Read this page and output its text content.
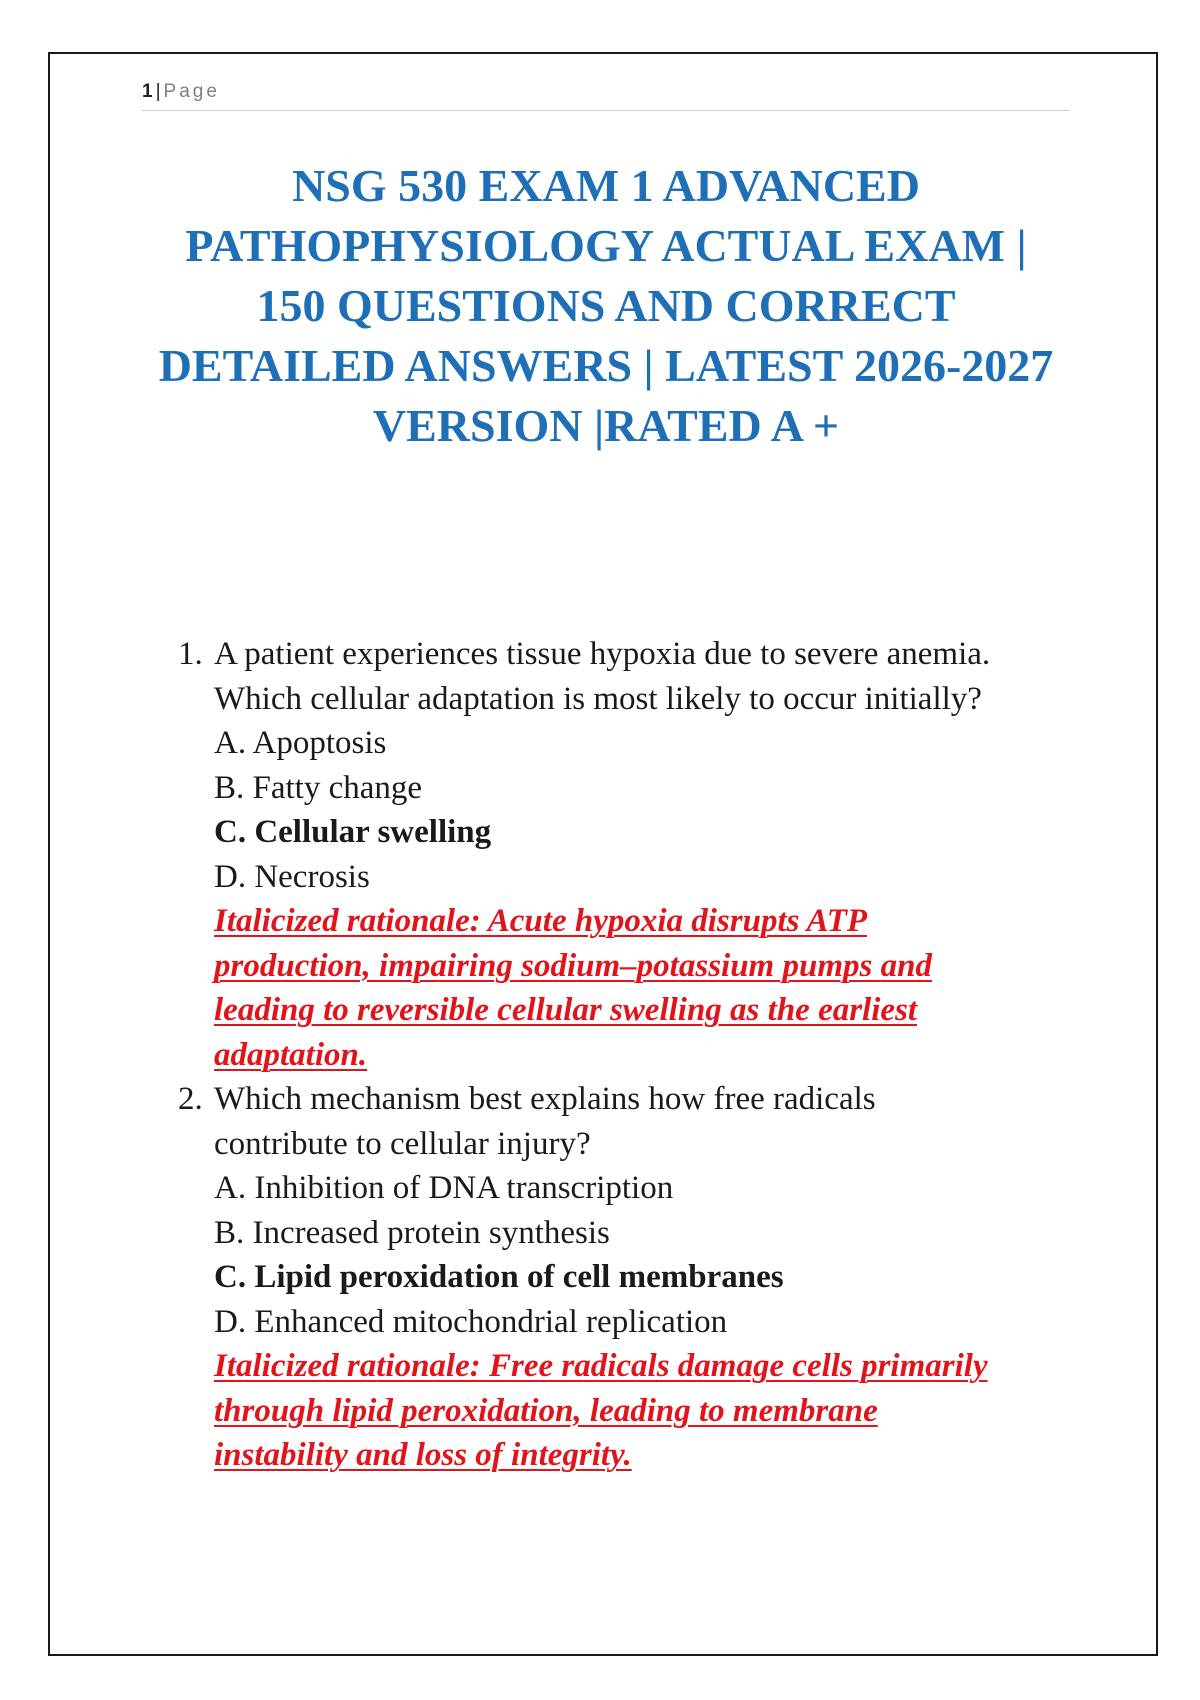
1 | Page
NSG 530 EXAM 1 ADVANCED
PATHOPHYSIOLOGY ACTUAL EXAM |
150 QUESTIONS AND CORRECT
DETAILED ANSWERS | LATEST 2026-2027
VERSION |RATED A +
1. A patient experiences tissue hypoxia due to severe anemia.
Which cellular adaptation is most likely to occur initially?
A. Apoptosis
B. Fatty change
C. Cellular swelling
D. Necrosis
Italicized rationale: Acute hypoxia disrupts ATP
production, impairing sodium–potassium pumps and
leading to reversible cellular swelling as the earliest
adaptation.
2. Which mechanism best explains how free radicals
contribute to cellular injury?
A. Inhibition of DNA transcription
B. Increased protein synthesis
C. Lipid peroxidation of cell membranes
D. Enhanced mitochondrial replication
Italicized rationale: Free radicals damage cells primarily
through lipid peroxidation, leading to membrane
instability and loss of integrity.
